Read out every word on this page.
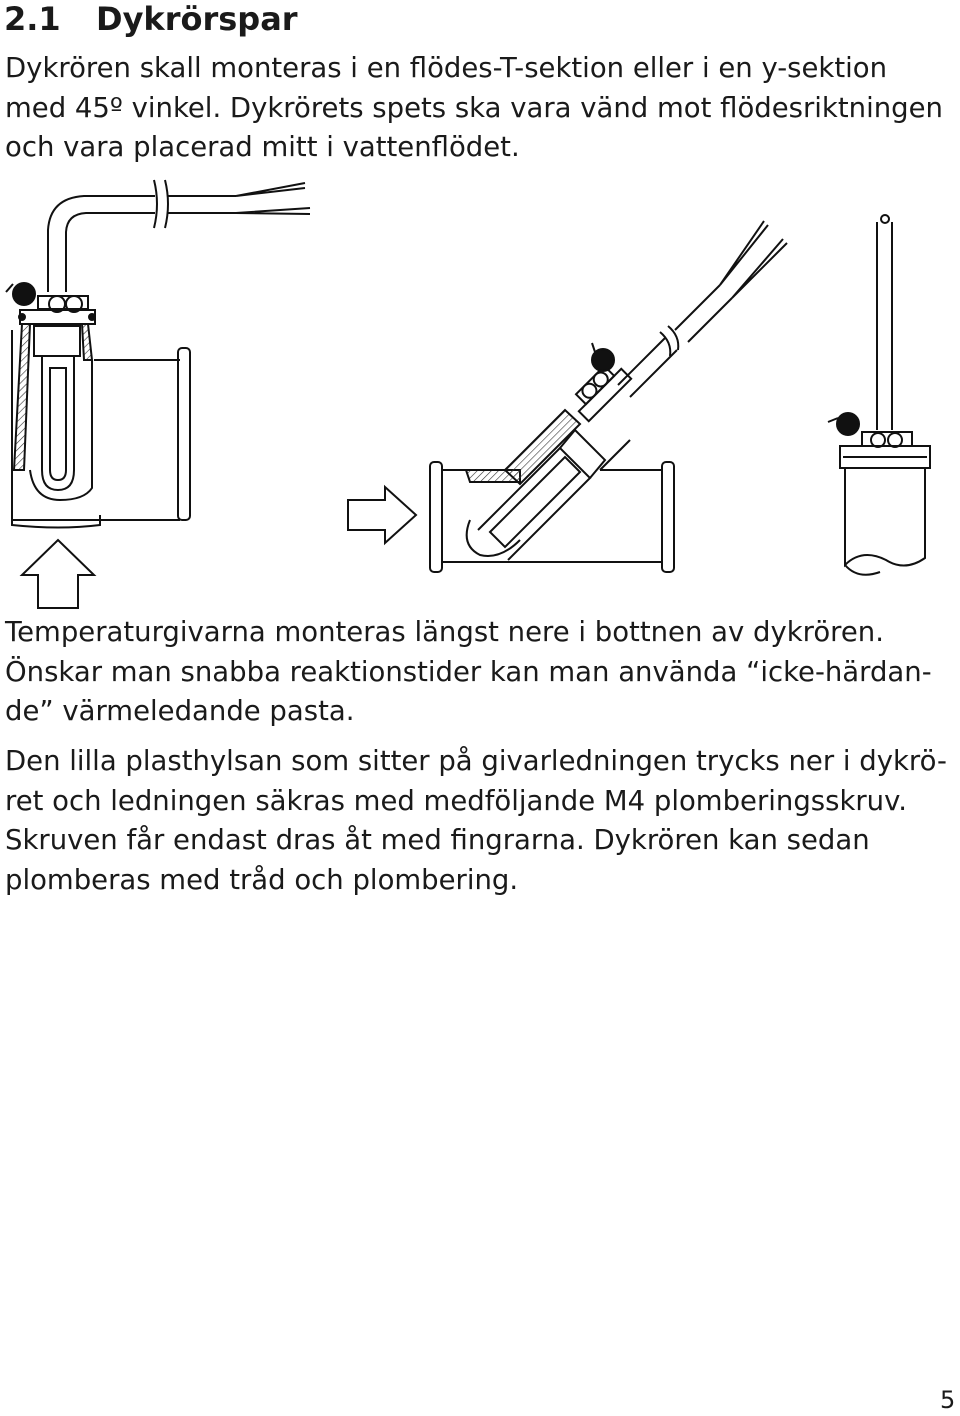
2.1 Dykrörspar

Dykrören skall monteras i en flödes-T-sektion eller i en y-sektion
med 45º vinkel. Dykrörets spets ska vara vänd mot flödesriktningen
och vara placerad mitt i vattenflödet.

Temperaturgivarna monteras längst nere i bottnen av dykrören.
Önskar man snabba reaktionstider kan man använda “icke-härdan-
de” värmeledande pasta.

Den lilla plasthylsan som sitter på givarledningen trycks ner i dykrö-
ret och ledningen säkras med medföljande M4 plomberingsskruv.
Skruven får endast dras åt med fingrarna. Dykrören kan sedan
plomberas med tråd och plombering.

5
